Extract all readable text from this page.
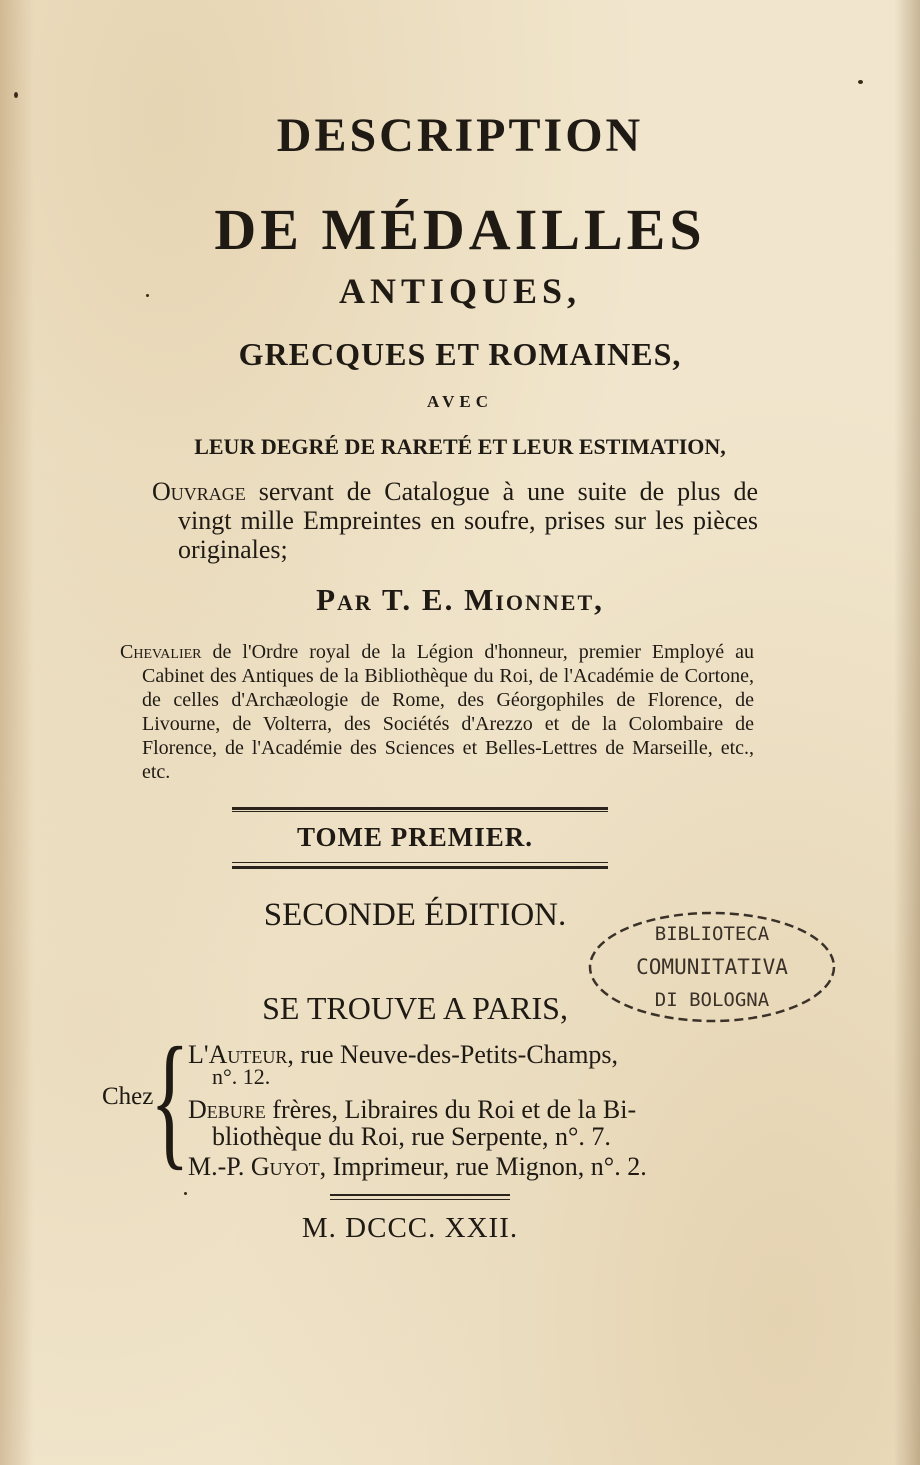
DESCRIPTION
DE MÉDAILLES
ANTIQUES,
GRECQUES ET ROMAINES,
AVEC
LEUR DEGRÉ DE RARETÉ ET LEUR ESTIMATION,
Ouvrage servant de Catalogue à une suite de plus de vingt mille Empreintes en soufre, prises sur les pièces originales;
Par T. E. Mionnet,
Chevalier de l'Ordre royal de la Légion d'honneur, premier Employé au Cabinet des Antiques de la Bibliothèque du Roi, de l'Académie de Cortone, de celles d'Archæologie de Rome, des Géorgophiles de Florence, de Livourne, de Volterra, des Sociétés d'Arezzo et de la Colombaire de Florence, de l'Académie des Sciences et Belles-Lettres de Marseille, etc., etc.
TOME PREMIER.
SECONDE ÉDITION.
BIBLIOTECA
COMUNITATIVA
DI BOLOGNA
SE TROUVE A PARIS,
Chez
{
L'Auteur, rue Neuve-des-Petits-Champs,
n°. 12.
Debure frères, Libraires du Roi et de la Bi-
bliothèque du Roi, rue Serpente, n°. 7.
M.-P. Guyot, Imprimeur, rue Mignon, n°. 2.
M. DCCC. XXII.
